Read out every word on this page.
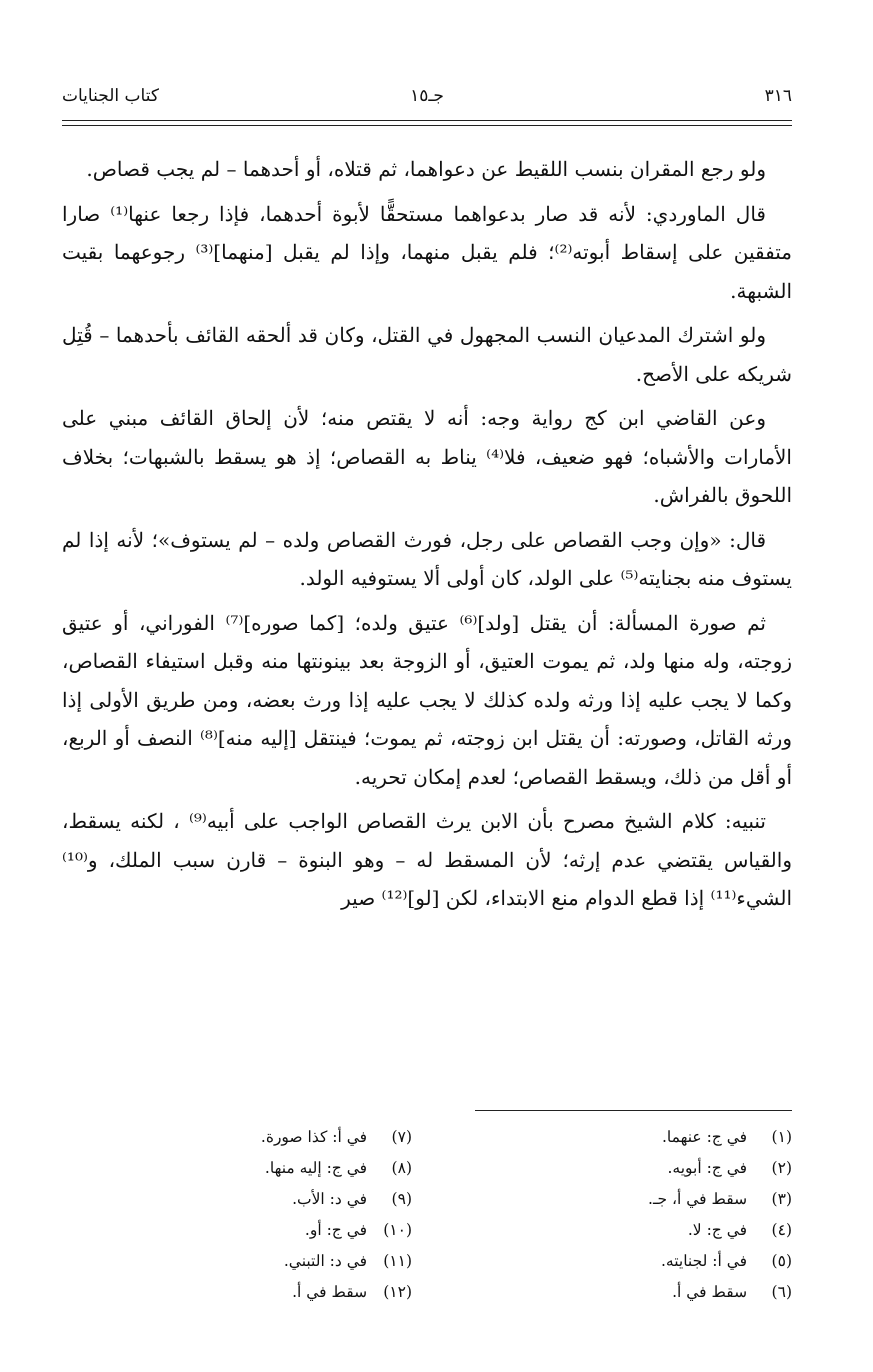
٣١٦
جـ١٥
كتاب الجنايات

ولو رجع المقران بنسب اللقيط عن دعواهما، ثم قتلاه، أو أحدهما – لم يجب قصاص.

قال الماوردي: لأنه قد صار بدعواهما مستحقًّا لأبوة أحدهما، فإذا رجعا عنها⁽¹⁾ صارا متفقين على إسقاط أبوته⁽²⁾؛ فلم يقبل منهما، وإذا لم يقبل [منهما]⁽³⁾ رجوعهما بقيت الشبهة.

ولو اشترك المدعيان النسب المجهول في القتل، وكان قد ألحقه القائف بأحدهما – قُتِل شريكه على الأصح.

وعن القاضي ابن كج رواية وجه: أنه لا يقتص منه؛ لأن إلحاق القائف مبني على الأمارات والأشباه؛ فهو ضعيف، فلا⁽⁴⁾ يناط به القصاص؛ إذ هو يسقط بالشبهات؛ بخلاف اللحوق بالفراش.

قال: «وإن وجب القصاص على رجل، فورث القصاص ولده – لم يستوف»؛ لأنه إذا لم يستوف منه بجنايته⁽⁵⁾ على الولد، كان أولى ألا يستوفيه الولد.

ثم صورة المسألة: أن يقتل [ولد]⁽⁶⁾ عتيق ولده؛ [كما صوره]⁽⁷⁾ الفوراني، أو عتيق زوجته، وله منها ولد، ثم يموت العتيق، أو الزوجة بعد بينونتها منه وقبل استيفاء القصاص، وكما لا يجب عليه إذا ورثه ولده كذلك لا يجب عليه إذا ورث بعضه، ومن طريق الأولى إذا ورثه القاتل، وصورته: أن يقتل ابن زوجته، ثم يموت؛ فينتقل [إليه منه]⁽⁸⁾ النصف أو الربع، أو أقل من ذلك، ويسقط القصاص؛ لعدم إمكان تحريه.

تنبيه: كلام الشيخ مصرح بأن الابن يرث القصاص الواجب على أبيه⁽⁹⁾ ، لكنه يسقط، والقياس يقتضي عدم إرثه؛ لأن المسقط له – وهو البنوة – قارن سبب الملك، و⁽¹⁰⁾ الشيء⁽¹¹⁾ إذا قطع الدوام منع الابتداء، لكن [لو]⁽¹²⁾ صير

(١) في ج: عنهما.
(٢) في ج: أبويه.
(٣) سقط في أ، جـ.
(٤) في ج: لا.
(٥) في أ: لجنايته.
(٦) سقط في أ.
(٧) في أ: كذا صورة.
(٨) في ج: إليه منها.
(٩) في د: الأب.
(١٠) في ج: أو.
(١١) في د: التبني.
(١٢) سقط في أ.
